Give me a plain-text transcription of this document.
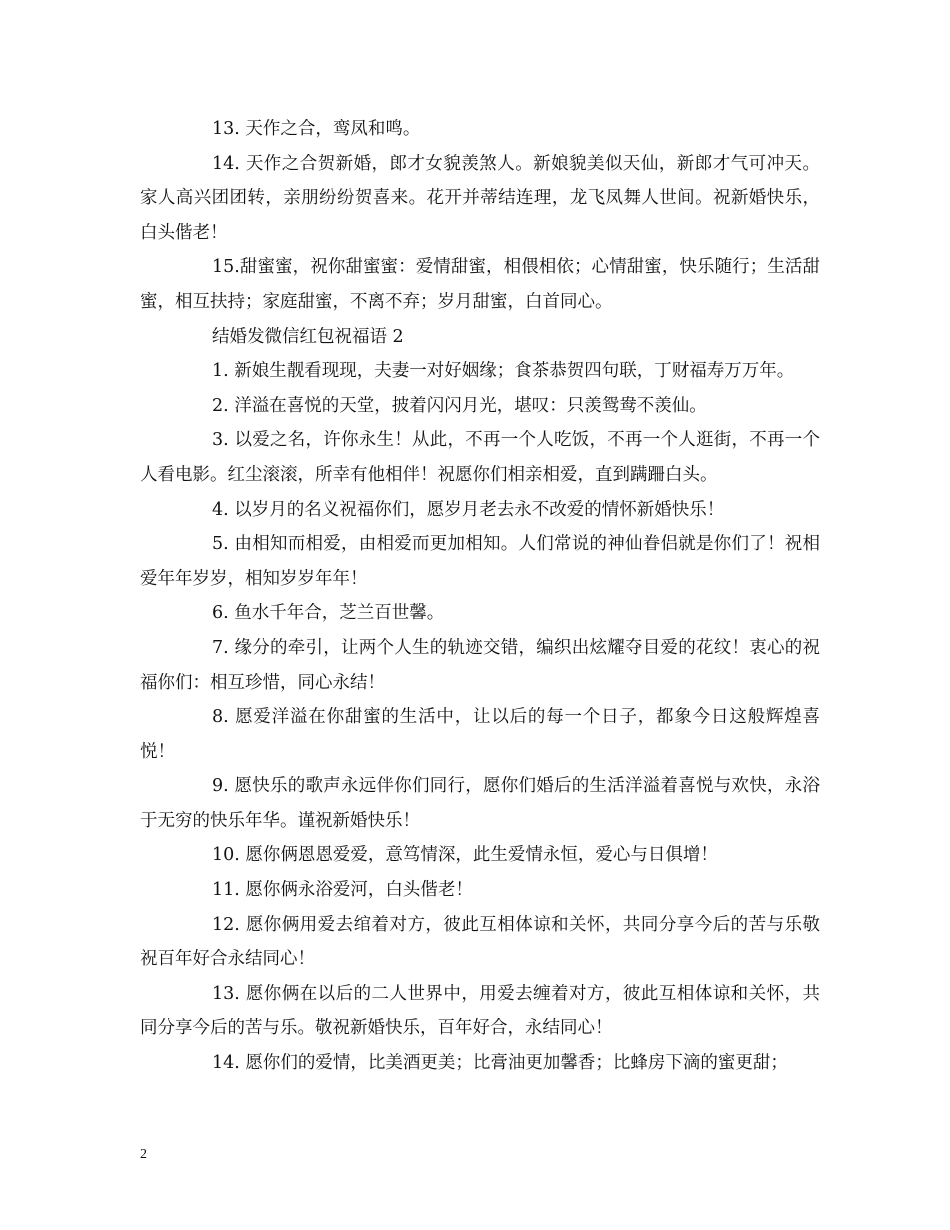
13. 天作之合，鸾凤和鸣。

14. 天作之合贺新婚，郎才女貌羡煞人。新娘貌美似天仙，新郎才气可冲天。家人高兴团团转，亲朋纷纷贺喜来。花开并蒂结连理，龙飞凤舞人世间。祝新婚快乐，白头偕老！

15.甜蜜蜜，祝你甜蜜蜜：爱情甜蜜，相偎相依；心情甜蜜，快乐随行；生活甜蜜，相互扶持；家庭甜蜜，不离不弃；岁月甜蜜，白首同心。

结婚发微信红包祝福语 2

1. 新娘生靓看现现，夫妻一对好姻缘；食茶恭贺四句联，丁财福寿万万年。

2. 洋溢在喜悦的天堂，披着闪闪月光，堪叹：只羡鸳鸯不羡仙。

3. 以爱之名，许你永生！从此，不再一个人吃饭，不再一个人逛街，不再一个人看电影。红尘滚滚，所幸有他相伴！祝愿你们相亲相爱，直到蹒跚白头。

4. 以岁月的名义祝福你们，愿岁月老去永不改爱的情怀新婚快乐！

5. 由相知而相爱，由相爱而更加相知。人们常说的神仙眷侣就是你们了！祝相爱年年岁岁，相知岁岁年年！

6. 鱼水千年合，芝兰百世馨。

7. 缘分的牵引，让两个人生的轨迹交错，编织出炫耀夺目爱的花纹！衷心的祝福你们：相互珍惜，同心永结！

8. 愿爱洋溢在你甜蜜的生活中，让以后的每一个日子，都象今日这般辉煌喜悦！

9. 愿快乐的歌声永远伴你们同行，愿你们婚后的生活洋溢着喜悦与欢快，永浴于无穷的快乐年华。谨祝新婚快乐！

10. 愿你俩恩恩爱爱，意笃情深，此生爱情永恒，爱心与日俱增！

11. 愿你俩永浴爱河，白头偕老！

12. 愿你俩用爱去绾着对方，彼此互相体谅和关怀，共同分享今后的苦与乐敬祝百年好合永结同心！

13. 愿你俩在以后的二人世界中，用爱去缠着对方，彼此互相体谅和关怀，共同分享今后的苦与乐。敬祝新婚快乐，百年好合，永结同心！

14. 愿你们的爱情，比美酒更美；比膏油更加馨香；比蜂房下滴的蜜更甜；

2
